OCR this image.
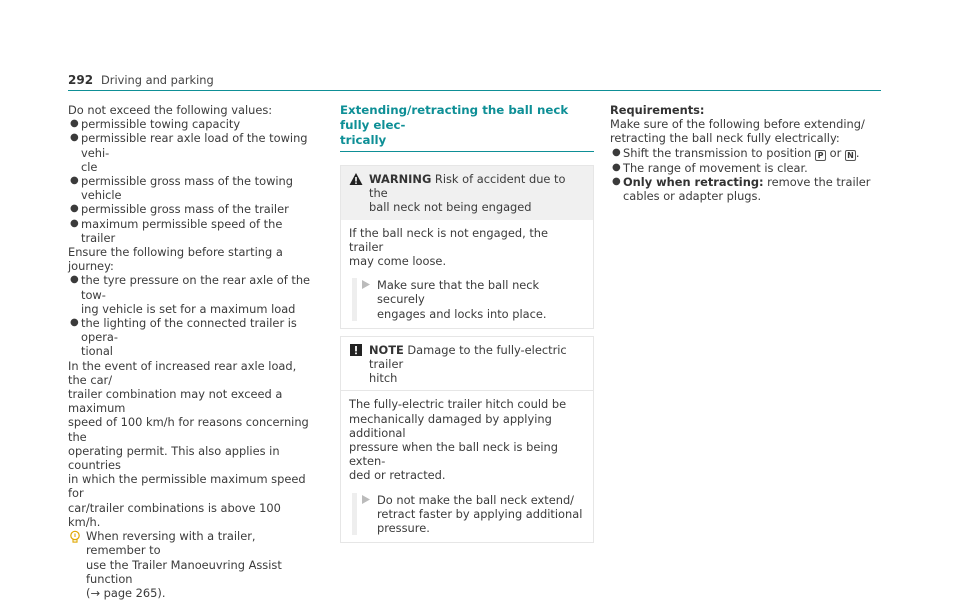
292 Driving and parking

Do not exceed the following values:

● permissible towing capacity
● permissible rear axle load of the towing vehi-
cle
● permissible gross mass of the towing vehicle
● permissible gross mass of the trailer
● maximum permissible speed of the trailer

Ensure the following before starting a journey:

● the tyre pressure on the rear axle of the tow-
ing vehicle is set for a maximum load
● the lighting of the connected trailer is opera-
tional

In the event of increased rear axle load, the car/
trailer combination may not exceed a maximum
speed of 100 km/h for reasons concerning the
operating permit. This also applies in countries
in which the permissible maximum speed for
car/trailer combinations is above 100 km/h.

When reversing with a trailer, remember to
use the Trailer Manoeuvring Assist function
(→ page 265).

Extending/retracting the ball neck fully elec-
trically

WARNING Risk of accident due to the
ball neck not being engaged

If the ball neck is not engaged, the trailer
may come loose.

Make sure that the ball neck securely
engages and locks into place.

NOTE Damage to the fully-electric trailer
hitch

The fully-electric trailer hitch could be
mechanically damaged by applying additional
pressure when the ball neck is being exten-
ded or retracted.

Do not make the ball neck extend/
retract faster by applying additional
pressure.

Requirements:

Make sure of the following before extending/
retracting the ball neck fully electrically:

● Shift the transmission to position P or N .
● The range of movement is clear.
● Only when retracting: remove the trailer
cables or adapter plugs.
